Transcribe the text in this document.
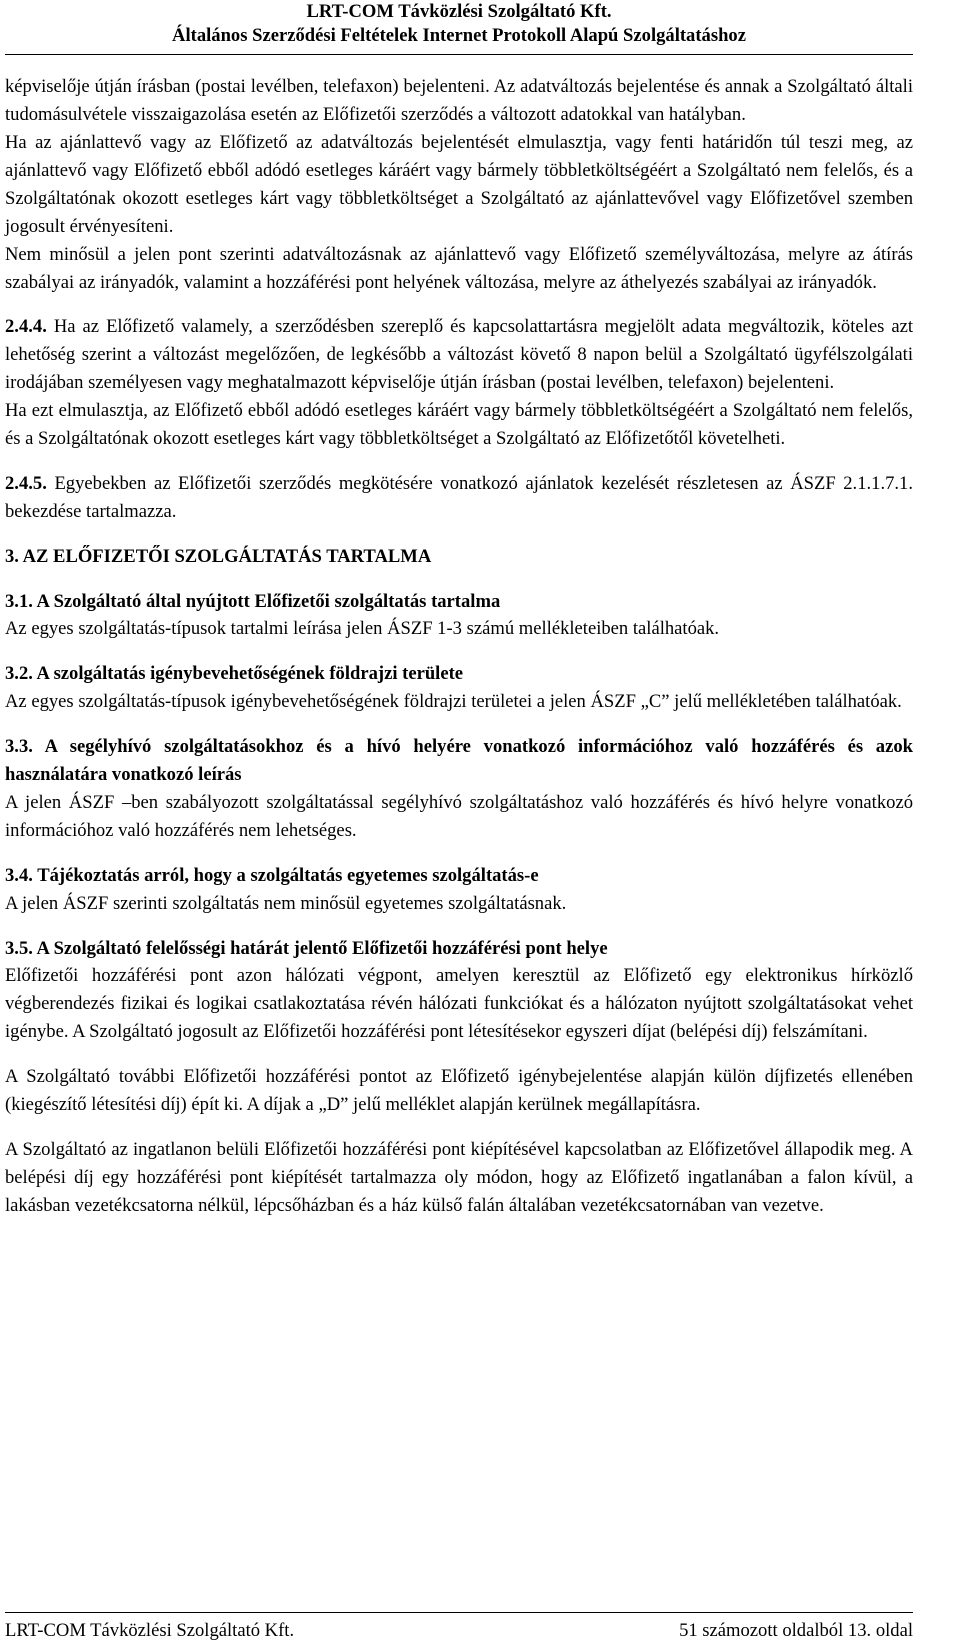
LRT-COM Távközlési Szolgáltató Kft.
Általános Szerződési Feltételek Internet Protokoll Alapú Szolgáltatáshoz

képviselője útján írásban (postai levélben, telefaxon) bejelenteni. Az adatváltozás bejelentése és annak a Szolgáltató általi tudomásulvétele visszaigazolása esetén az Előfizetői szerződés a változott adatokkal van hatályban.

Ha az ajánlattevő vagy az Előfizető az adatváltozás bejelentését elmulasztja, vagy fenti határidőn túl teszi meg, az ajánlattevő vagy Előfizető ebből adódó esetleges káráért vagy bármely többletköltségéért a Szolgáltató nem felelős, és a Szolgáltatónak okozott esetleges kárt vagy többletköltséget a Szolgáltató az ajánlattevővel vagy Előfizetővel szemben jogosult érvényesíteni.

Nem minősül a jelen pont szerinti adatváltozásnak az ajánlattevő vagy Előfizető személyváltozása, melyre az átírás szabályai az irányadók, valamint a hozzáférési pont helyének változása, melyre az áthelyezés szabályai az irányadók.

2.4.4. Ha az Előfizető valamely, a szerződésben szereplő és kapcsolattartásra megjelölt adata megváltozik, köteles azt lehetőség szerint a változást megelőzően, de legkésőbb a változást követő 8 napon belül a Szolgáltató ügyfélszolgálati irodájában személyesen vagy meghatalmazott képviselője útján írásban (postai levélben, telefaxon) bejelenteni.

Ha ezt elmulasztja, az Előfizető ebből adódó esetleges káráért vagy bármely többletköltségéért a Szolgáltató nem felelős, és a Szolgáltatónak okozott esetleges kárt vagy többletköltséget a Szolgáltató az Előfizetőtől követelheti.

2.4.5. Egyebekben az Előfizetői szerződés megkötésére vonatkozó ajánlatok kezelését részletesen az ÁSZF 2.1.1.7.1. bekezdése tartalmazza.

3. AZ ELŐFIZETŐI SZOLGÁLTATÁS TARTALMA

3.1. A Szolgáltató által nyújtott Előfizetői szolgáltatás tartalma

Az egyes szolgáltatás-típusok tartalmi leírása jelen ÁSZF 1-3 számú mellékleteiben találhatóak.

3.2. A szolgáltatás igénybevehetőségének földrajzi területe

Az egyes szolgáltatás-típusok igénybevehetőségének földrajzi területei a jelen ÁSZF „C” jelű mellékletében találhatóak.

3.3. A segélyhívó szolgáltatásokhoz és a hívó helyére vonatkozó információhoz való hozzáférés és azok használatára vonatkozó leírás

A jelen ÁSZF –ben szabályozott szolgáltatással segélyhívó szolgáltatáshoz való hozzáférés és hívó helyre vonatkozó információhoz való hozzáférés nem lehetséges.

3.4. Tájékoztatás arról, hogy a szolgáltatás egyetemes szolgáltatás-e

A jelen ÁSZF szerinti szolgáltatás nem minősül egyetemes szolgáltatásnak.

3.5. A Szolgáltató felelősségi határát jelentő Előfizetői hozzáférési pont helye

Előfizetői hozzáférési pont azon hálózati végpont, amelyen keresztül az Előfizető egy elektronikus hírközlő végberendezés fizikai és logikai csatlakoztatása révén hálózati funkciókat és a hálózaton nyújtott szolgáltatásokat vehet igénybe. A Szolgáltató jogosult az Előfizetői hozzáférési pont létesítésekor egyszeri díjat (belépési díj) felszámítani.

A Szolgáltató további Előfizetői hozzáférési pontot az Előfizető igénybejelentése alapján külön díjfizetés ellenében (kiegészítő létesítési díj) épít ki. A díjak a „D” jelű melléklet alapján kerülnek megállapításra.

A Szolgáltató az ingatlanon belüli Előfizetői hozzáférési pont kiépítésével kapcsolatban az Előfizetővel állapodik meg. A belépési díj egy hozzáférési pont kiépítését tartalmazza oly módon, hogy az Előfizető ingatlanában a falon kívül, a lakásban vezetékcsatorna nélkül, lépcsőházban és a ház külső falán általában vezetékcsatornában van vezetve.

LRT-COM Távközlési Szolgáltató Kft.	51 számozott oldalból 13. oldal
